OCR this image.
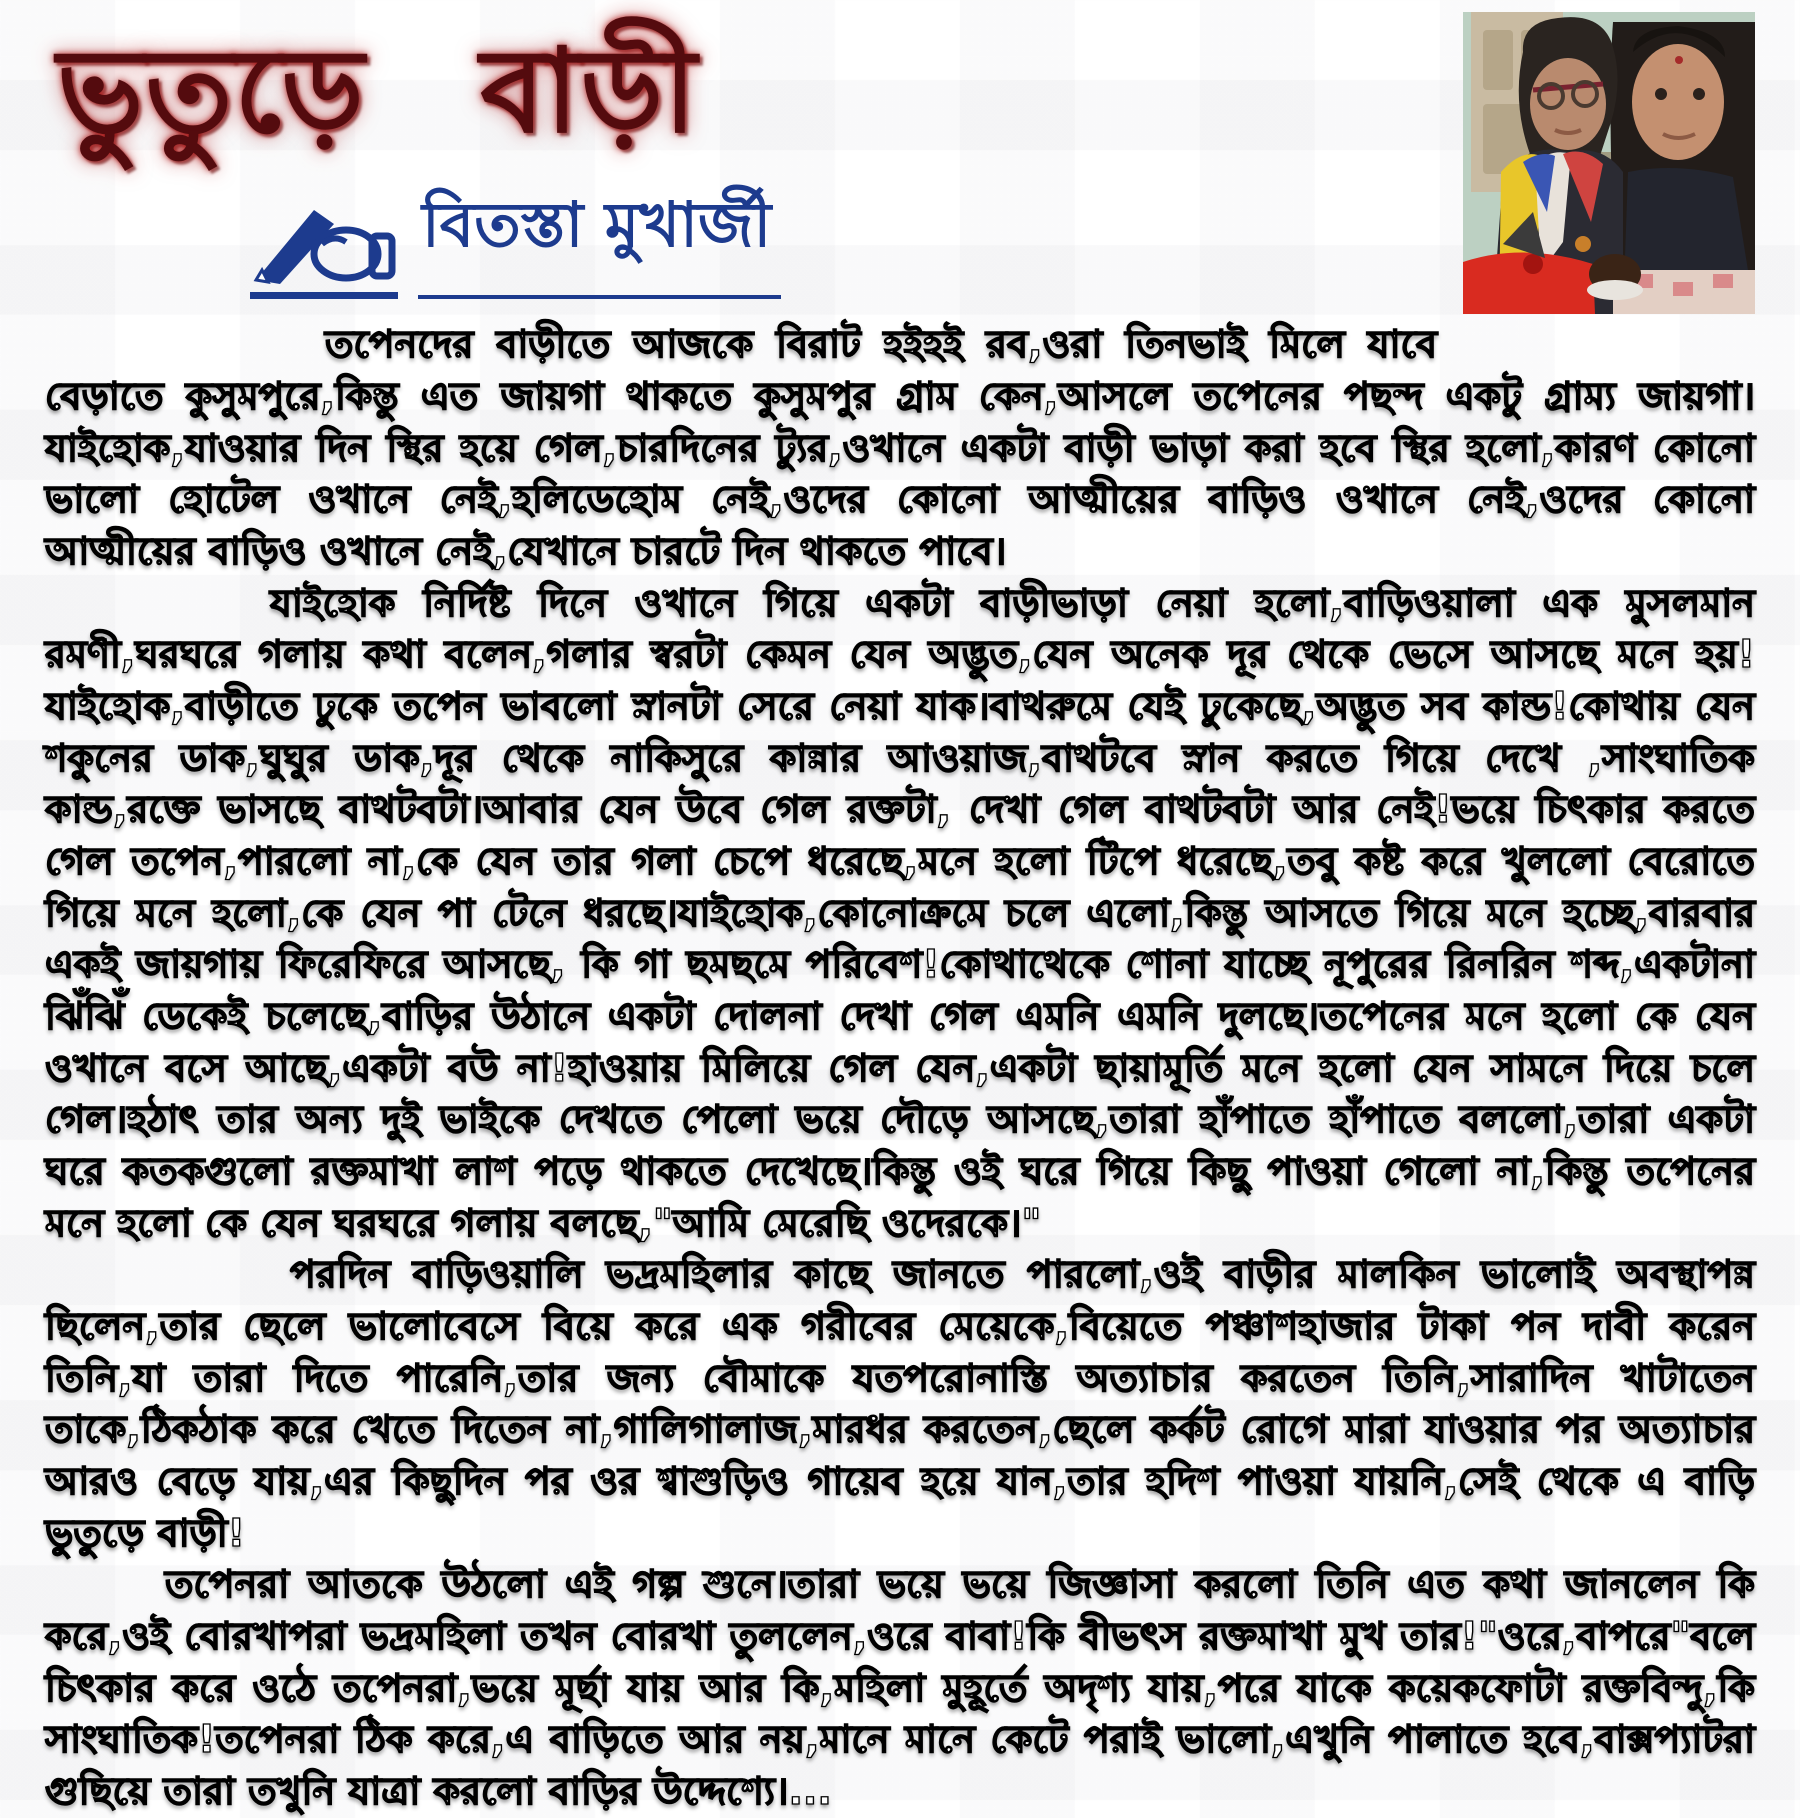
ভুতুড়ে বাড়ী
বিতস্তা মুখার্জী

তপেনদের বাড়ীতে আজকে বিরাট হইহই রব,ওরা তিনভাই মিলে যাবে বেড়াতে কুসুমপুরে,কিন্তু এত জায়গা থাকতে কুসুমপুর গ্রাম কেন,আসলে তপেনের পছন্দ একটু গ্রাম্য জায়গা। যাইহোক,যাওয়ার দিন স্থির হয়ে গেল,চারদিনের ট্যুর,ওখানে একটা বাড়ী ভাড়া করা হবে স্থির হলো,কারণ কোনো ভালো হোটেল ওখানে নেই,হলিডেহোম নেই,ওদের কোনো আত্মীয়ের বাড়িও ওখানে নেই,ওদের কোনো আত্মীয়ের বাড়িও ওখানে নেই,যেখানে চারটে দিন থাকতে পাবে।

যাইহোক নির্দিষ্ট দিনে ওখানে গিয়ে একটা বাড়ীভাড়া নেয়া হলো,বাড়িওয়ালা এক মুসলমান রমণী,ঘরঘরে গলায় কথা বলেন,গলার স্বরটা কেমন যেন অদ্ভুত,যেন অনেক দূর থেকে ভেসে আসছে মনে হয়! যাইহোক,বাড়ীতে ঢুকে তপেন ভাবলো স্নানটা সেরে নেয়া যাক।বাথরুমে যেই ঢুকেছে,অদ্ভুত সব কান্ড!কোথায় যেন শকুনের ডাক,ঘুঘুর ডাক,দূর থেকে নাকিসুরে কান্নার আওয়াজ,বাথটবে স্নান করতে গিয়ে দেখে ,সাংঘাতিক কান্ড,রক্তে ভাসছে বাথটবটা।আবার যেন উবে গেল রক্তটা, দেখা গেল বাথটবটা আর নেই!ভয়ে চিৎকার করতে গেল তপেন,পারলো না,কে যেন তার গলা চেপে ধরেছে,মনে হলো টিপে ধরেছে,তবু কষ্ট করে খুললো বেরোতে গিয়ে মনে হলো,কে যেন পা টেনে ধরছে।যাইহোক,কোনোক্রমে চলে এলো,কিন্তু আসতে গিয়ে মনে হচ্ছে,বারবার একই জায়গায় ফিরেফিরে আসছে, কি গা ছমছমে পরিবেশ!কোথাথেকে শোনা যাচ্ছে নূপুরের রিনরিন শব্দ,একটানা ঝিঁঝিঁ ডেকেই চলেছে,বাড়ির উঠানে একটা দোলনা দেখা গেল এমনি এমনি দুলছে।তপেনের মনে হলো কে যেন ওখানে বসে আছে,একটা বউ না!হাওয়ায় মিলিয়ে গেল যেন,একটা ছায়ামূর্তি মনে হলো যেন সামনে দিয়ে চলে গেল।হঠাৎ তার অন্য দুই ভাইকে দেখতে পেলো ভয়ে দৌড়ে আসছে,তারা হাঁপাতে হাঁপাতে বললো,তারা একটা ঘরে কতকগুলো রক্তমাখা লাশ পড়ে থাকতে দেখেছে।কিন্তু ওই ঘরে গিয়ে কিছু পাওয়া গেলো না,কিন্তু তপেনের মনে হলো কে যেন ঘরঘরে গলায় বলছে,"আমি মেরেছি ওদেরকে।"

পরদিন বাড়িওয়ালি ভদ্রমহিলার কাছে জানতে পারলো,ওই বাড়ীর মালকিন ভালোই অবস্থাপন্ন ছিলেন,তার ছেলে ভালোবেসে বিয়ে করে এক গরীবের মেয়েকে,বিয়েতে পঞ্চাশহাজার টাকা পন দাবী করেন তিনি,যা তারা দিতে পারেনি,তার জন্য বৌমাকে যতপরোনাস্তি অত্যাচার করতেন তিনি,সারাদিন খাটাতেন তাকে,ঠিকঠাক করে খেতে দিতেন না,গালিগালাজ,মারধর করতেন,ছেলে কর্কট রোগে মারা যাওয়ার পর অত্যাচার আরও বেড়ে যায়,এর কিছুদিন পর ওর শ্বাশুড়িও গায়েব হয়ে যান,তার হদিশ পাওয়া যায়নি,সেই থেকে এ বাড়ি ভুতুড়ে বাড়ী!

তপেনরা আতকে উঠলো এই গল্প শুনে।তারা ভয়ে ভয়ে জিজ্ঞাসা করলো তিনি এত কথা জানলেন কি করে,ওই বোরখাপরা ভদ্রমহিলা তখন বোরখা তুললেন,ওরে বাবা!কি বীভৎস রক্তমাখা মুখ তার!"ওরে,বাপরে"বলে চিৎকার করে ওঠে তপেনরা,ভয়ে মূর্ছা যায় আর কি,মহিলা মুহূর্তে অদৃশ্য যায়,পরে যাকে কয়েকফোটা রক্তবিন্দু,কি সাংঘাতিক!তপেনরা ঠিক করে,এ বাড়িতে আর নয়,মানে মানে কেটে পরাই ভালো,এখুনি পালাতে হবে,বাক্সপ্যাটরা গুছিয়ে তারা তখুনি যাত্রা করলো বাড়ির উদ্দেশ্যে।...
